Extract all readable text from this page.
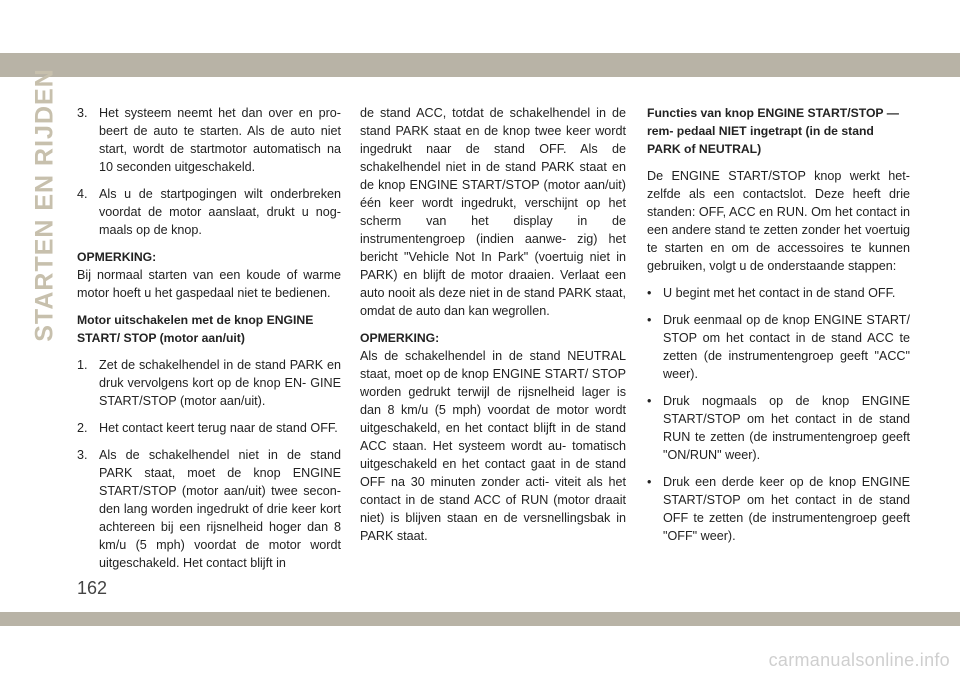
STARTEN EN RIJDEN 3. Het systeem neemt het dan over en pro- beert de auto te starten. Als de auto niet start, wordt de startmotor automatisch na 10 seconden uitgeschakeld.
4. Als u de startpogingen wilt onderbreken voordat de motor aanslaat, drukt u nog- maals op de knop.
OPMERKING:

Bij normaal starten van een koude of warme motor hoeft u het gaspedaal niet te bedienen.

Motor uitschakelen met de knop ENGINE START/ STOP (motor aan/uit)
1. Zet de schakelhendel in de stand PARK en druk vervolgens kort op de knop EN- GINE START/STOP (motor aan/uit).
2. Het contact keert terug naar de stand OFF.
3. Als de schakelhendel niet in de stand PARK staat, moet de knop ENGINE START/STOP (motor aan/uit) twee secon- den lang worden ingedrukt of drie keer kort achtereen bij een rijsnelheid hoger dan 8 km/u (5 mph) voordat de motor wordt uitgeschakeld. Het contact blijft in

de stand ACC, totdat de schakelhendel in de stand PARK staat en de knop twee keer wordt ingedrukt naar de stand OFF. Als de schakelhendel niet in de stand PARK staat en de knop ENGINE START/STOP (motor aan/uit) één keer wordt ingedrukt, verschijnt op het scherm van het display in de instrumentengroep (indien aanwe- zig) het bericht "Vehicle Not In Park" (voertuig niet in PARK) en blijft de motor draaien. Verlaat een auto nooit als deze niet in de stand PARK staat, omdat de auto dan kan wegrollen.

OPMERKING:

Als de schakelhendel in de stand NEUTRAL staat, moet op de knop ENGINE START/ STOP worden gedrukt terwijl de rijsnelheid lager is dan 8 km/u (5 mph) voordat de motor wordt uitgeschakeld, en het contact blijft in de stand ACC staan. Het systeem wordt au- tomatisch uitgeschakeld en het contact gaat in de stand OFF na 30 minuten zonder acti- viteit als het contact in de stand ACC of RUN (motor draait niet) is blijven staan en de versnellingsbak in PARK staat.

Functies van knop ENGINE START/STOP — rem- pedaal NIET ingetrapt (in de stand PARK of NEUTRAL)

De ENGINE START/STOP knop werkt het- zelfde als een contactslot. Deze heeft drie standen: OFF, ACC en RUN. Om het contact in een andere stand te zetten zonder het voertuig te starten en om de accessoires te kunnen gebruiken, volgt u de onderstaande stappen:

• U begint met het contact in de stand OFF.
• Druk eenmaal op de knop ENGINE START/ STOP om het contact in de stand ACC te zetten (de instrumentengroep geeft "ACC" weer).
• Druk nogmaals op de knop ENGINE START/STOP om het contact in de stand RUN te zetten (de instrumentengroep geeft "ON/RUN" weer).
• Druk een derde keer op de knop ENGINE START/STOP om het contact in de stand OFF te zetten (de instrumentengroep geeft "OFF" weer).
162
carmanualsonline.info
